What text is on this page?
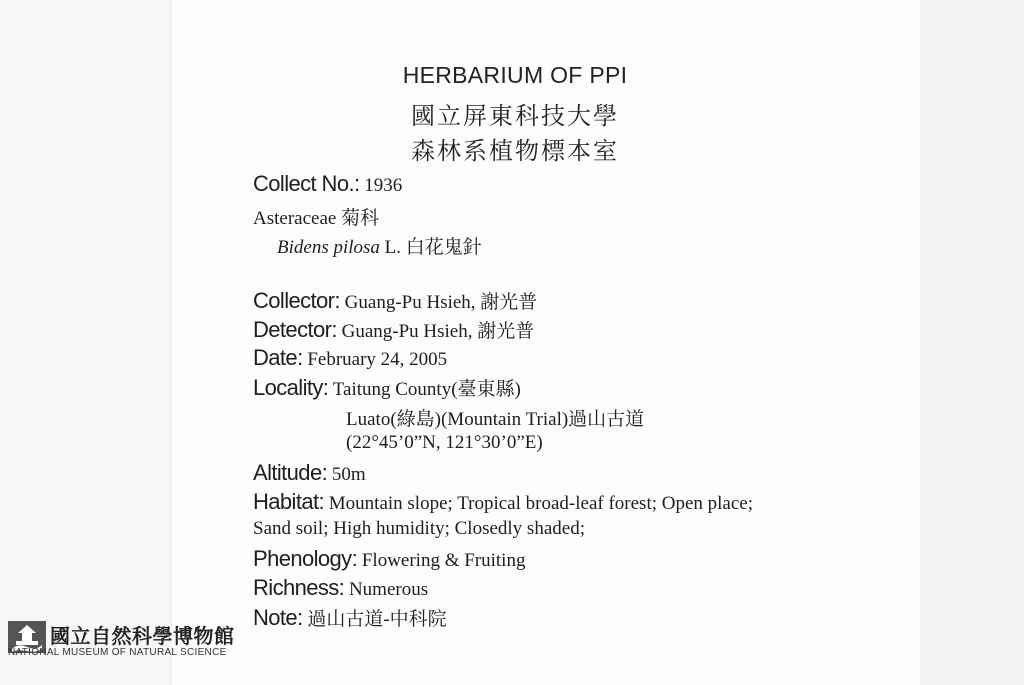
HERBARIUM OF PPI
國立屏東科技大學
森林系植物標本室
Collect No.: 1936
Asteraceae 菊科
Bidens pilosa L. 白花鬼針
Collector: Guang-Pu Hsieh, 謝光普
Detector: Guang-Pu Hsieh, 謝光普
Date: February 24, 2005
Locality: Taitung County(臺東縣)
Luato(綠島)(Mountain Trial)過山古道
(22°45’0”N, 121°30’0”E)
Altitude: 50m
Habitat: Mountain slope; Tropical broad-leaf forest; Open place;
Sand soil; High humidity; Closedly shaded;
Phenology: Flowering & Fruiting
Richness: Numerous
Note: 過山古道-中科院
國立自然科學博物館
NATIONAL MUSEUM OF NATURAL SCIENCE
